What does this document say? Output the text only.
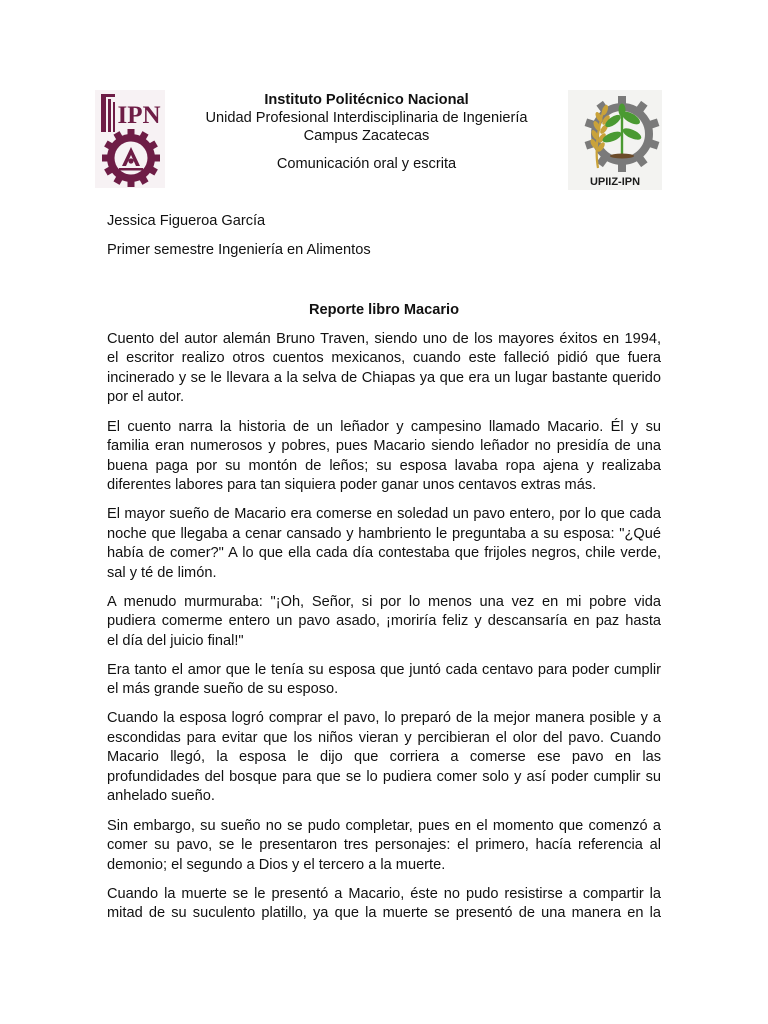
IPN
UPIIZ-IPN
Instituto Politécnico Nacional
Unidad Profesional Interdisciplinaria de Ingeniería
Campus Zacatecas
Comunicación oral y escrita
Jessica Figueroa García
Primer semestre Ingeniería en Alimentos
Reporte libro Macario
Cuento del autor alemán Bruno Traven, siendo uno de los mayores éxitos en 1994,
el escritor realizo otros cuentos mexicanos, cuando este falleció pidió que fuera
incinerado y se le llevara a la selva de Chiapas ya que era un lugar bastante querido
por el autor.
El cuento narra la historia de un leñador y campesino llamado Macario. Él y su
familia eran numerosos y pobres, pues Macario siendo leñador no presidía de una
buena paga por su montón de leños; su esposa lavaba ropa ajena y realizaba
diferentes labores para tan siquiera poder ganar unos centavos extras más.
El mayor sueño de Macario era comerse en soledad un pavo entero, por lo que cada
noche que llegaba a cenar cansado y hambriento le preguntaba a su esposa: "¿Qué
había de comer?" A lo que ella cada día contestaba que frijoles negros, chile verde,
sal y té de limón.
A menudo murmuraba: "¡Oh, Señor, si por lo menos una vez en mi pobre vida
pudiera comerme entero un pavo asado, ¡moriría feliz y descansaría en paz hasta
el día del juicio final!"
Era tanto el amor que le tenía su esposa que juntó cada centavo para poder cumplir
el más grande sueño de su esposo.
Cuando la esposa logró comprar el pavo, lo preparó de la mejor manera posible y a
escondidas para evitar que los niños vieran y percibieran el olor del pavo. Cuando
Macario llegó, la esposa le dijo que corriera a comerse ese pavo en las
profundidades del bosque para que se lo pudiera comer solo y así poder cumplir su
anhelado sueño.
Sin embargo, su sueño no se pudo completar, pues en el momento que comenzó a
comer su pavo, se le presentaron tres personajes: el primero, hacía referencia al
demonio; el segundo a Dios y el tercero a la muerte.
Cuando la muerte se le presentó a Macario, éste no pudo resistirse a compartir la
mitad de su suculento platillo, ya que la muerte se presentó de una manera en la
